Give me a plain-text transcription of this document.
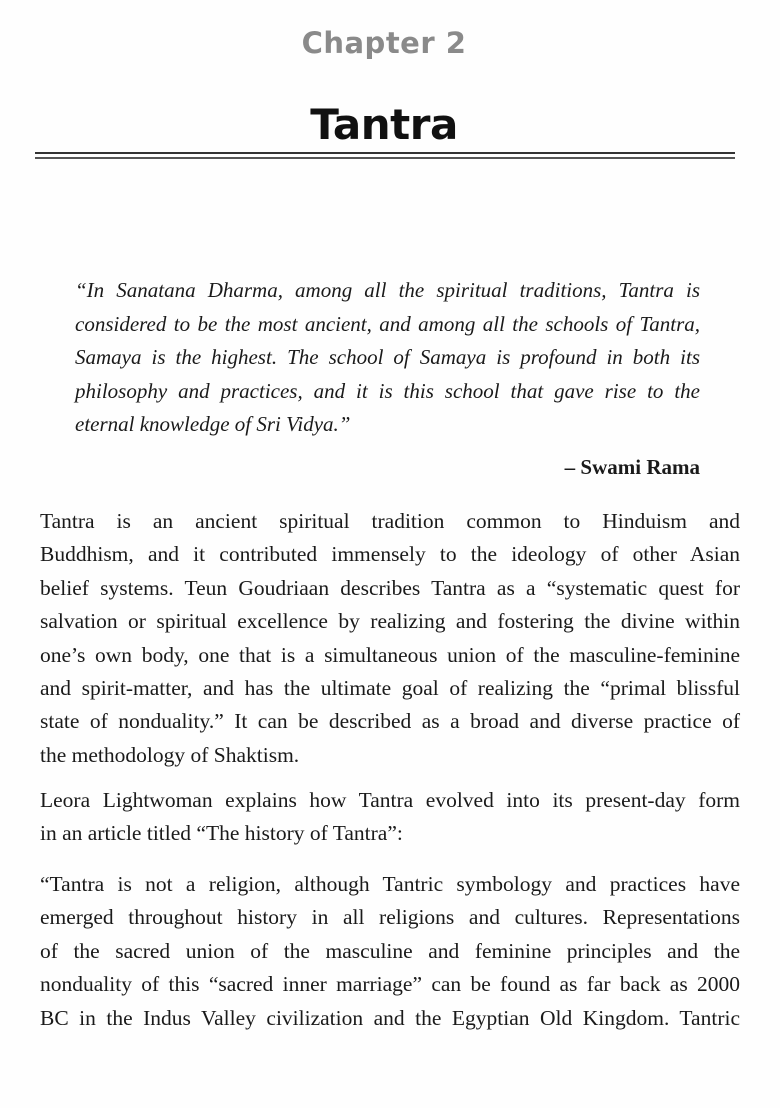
Chapter 2
Tantra
“In Sanatana Dharma, among all the spiritual traditions, Tantra is
considered to be the most ancient, and among all the schools of Tantra,
Samaya is the highest. The school of Samaya is profound in both its
philosophy and practices, and it is this school that gave rise to the
eternal knowledge of Sri Vidya.”
– Swami Rama
Tantra is an ancient spiritual tradition common to Hinduism and
Buddhism, and it contributed immensely to the ideology of other Asian
belief systems. Teun Goudriaan describes Tantra as a “systematic quest for
salvation or spiritual excellence by realizing and fostering the divine within
one’s own body, one that is a simultaneous union of the masculine-feminine
and spirit-matter, and has the ultimate goal of realizing the “primal blissful
state of nonduality.” It can be described as a broad and diverse practice of
the methodology of Shaktism.
Leora Lightwoman explains how Tantra evolved into its present-day form
in an article titled “The history of Tantra”:
“Tantra is not a religion, although Tantric symbology and practices have
emerged throughout history in all religions and cultures. Representations
of the sacred union of the masculine and feminine principles and the
nonduality of this “sacred inner marriage” can be found as far back as 2000
BC in the Indus Valley civilization and the Egyptian Old Kingdom. Tantric
